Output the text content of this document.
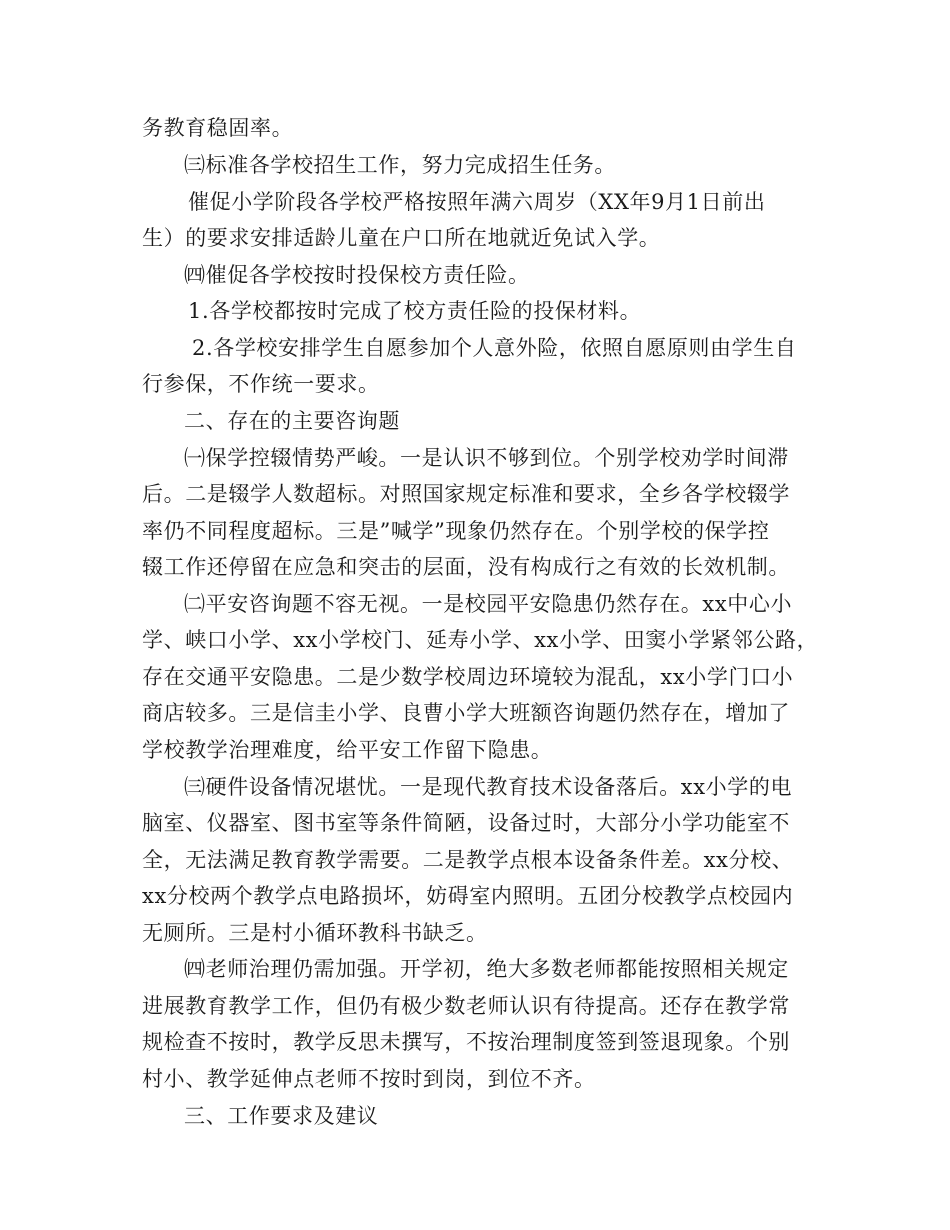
务教育稳固率。
㈢标准各学校招生工作，努力完成招生任务。
催促小学阶段各学校严格按照年满六周岁（XX年9月1日前出
生）的要求安排适龄儿童在户口所在地就近免试入学。
㈣催促各学校按时投保校方责任险。
1.各学校都按时完成了校方责任险的投保材料。
2.各学校安排学生自愿参加个人意外险，依照自愿原则由学生自
行参保，不作统一要求。
二、存在的主要咨询题
㈠保学控辍情势严峻。一是认识不够到位。个别学校劝学时间滞
后。二是辍学人数超标。对照国家规定标准和要求，全乡各学校辍学
率仍不同程度超标。三是”喊学”现象仍然存在。个别学校的保学控
辍工作还停留在应急和突击的层面，没有构成行之有效的长效机制。
㈡平安咨询题不容无视。一是校园平安隐患仍然存在。xx中心小
学、峡口小学、xx小学校门、延寿小学、xx小学、田窦小学紧邻公路，
存在交通平安隐患。二是少数学校周边环境较为混乱，xx小学门口小
商店较多。三是信圭小学、良曹小学大班额咨询题仍然存在，增加了
学校教学治理难度，给平安工作留下隐患。
㈢硬件设备情况堪忧。一是现代教育技术设备落后。xx小学的电
脑室、仪器室、图书室等条件简陋，设备过时，大部分小学功能室不
全，无法满足教育教学需要。二是教学点根本设备条件差。xx分校、
xx分校两个教学点电路损坏，妨碍室内照明。五团分校教学点校园内
无厕所。三是村小循环教科书缺乏。
㈣老师治理仍需加强。开学初，绝大多数老师都能按照相关规定
进展教育教学工作，但仍有极少数老师认识有待提高。还存在教学常
规检查不按时，教学反思未撰写，不按治理制度签到签退现象。个别
村小、教学延伸点老师不按时到岗，到位不齐。
三、工作要求及建议
